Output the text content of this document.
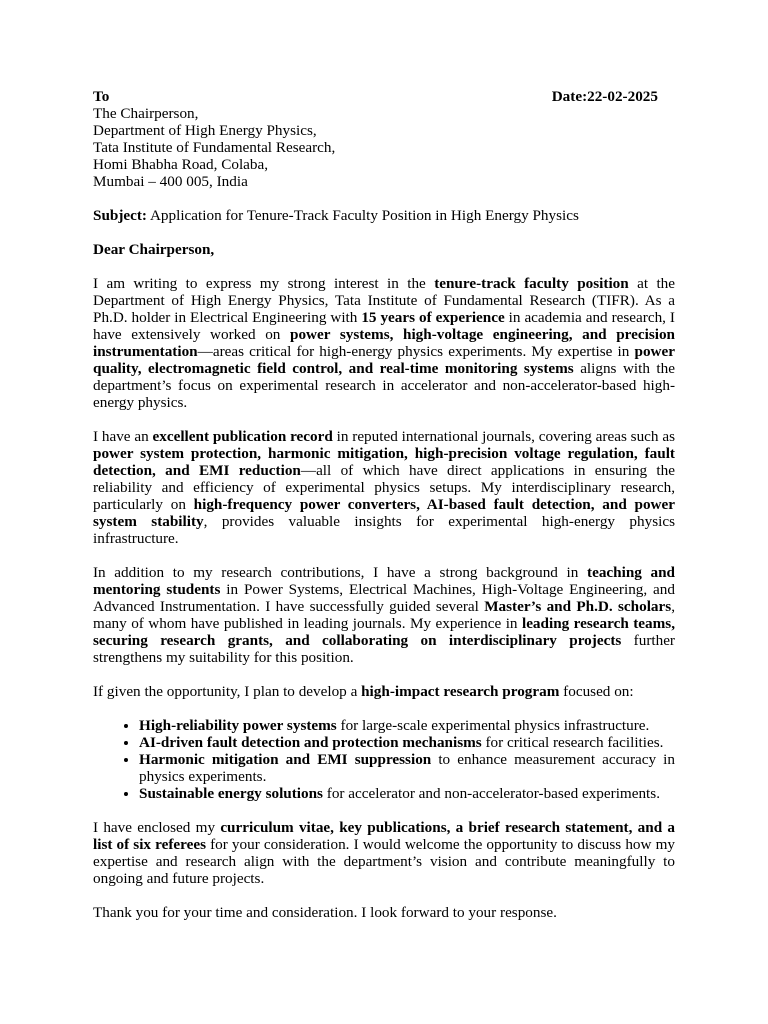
To	Date:22-02-2025
The Chairperson,
Department of High Energy Physics,
Tata Institute of Fundamental Research,
Homi Bhabha Road, Colaba,
Mumbai – 400 005, India

Subject: Application for Tenure-Track Faculty Position in High Energy Physics

Dear Chairperson,

I am writing to express my strong interest in the tenure-track faculty position at the Department of High Energy Physics, Tata Institute of Fundamental Research (TIFR). As a Ph.D. holder in Electrical Engineering with 15 years of experience in academia and research, I have extensively worked on power systems, high-voltage engineering, and precision instrumentation—areas critical for high-energy physics experiments. My expertise in power quality, electromagnetic field control, and real-time monitoring systems aligns with the department’s focus on experimental research in accelerator and non-accelerator-based high-energy physics.

I have an excellent publication record in reputed international journals, covering areas such as power system protection, harmonic mitigation, high-precision voltage regulation, fault detection, and EMI reduction—all of which have direct applications in ensuring the reliability and efficiency of experimental physics setups. My interdisciplinary research, particularly on high-frequency power converters, AI-based fault detection, and power system stability, provides valuable insights for experimental high-energy physics infrastructure.

In addition to my research contributions, I have a strong background in teaching and mentoring students in Power Systems, Electrical Machines, High-Voltage Engineering, and Advanced Instrumentation. I have successfully guided several Master’s and Ph.D. scholars, many of whom have published in leading journals. My experience in leading research teams, securing research grants, and collaborating on interdisciplinary projects further strengthens my suitability for this position.

If given the opportunity, I plan to develop a high-impact research program focused on:

• High-reliability power systems for large-scale experimental physics infrastructure.
• AI-driven fault detection and protection mechanisms for critical research facilities.
• Harmonic mitigation and EMI suppression to enhance measurement accuracy in physics experiments.
• Sustainable energy solutions for accelerator and non-accelerator-based experiments.

I have enclosed my curriculum vitae, key publications, a brief research statement, and a list of six referees for your consideration. I would welcome the opportunity to discuss how my expertise and research align with the department’s vision and contribute meaningfully to ongoing and future projects.

Thank you for your time and consideration. I look forward to your response.
